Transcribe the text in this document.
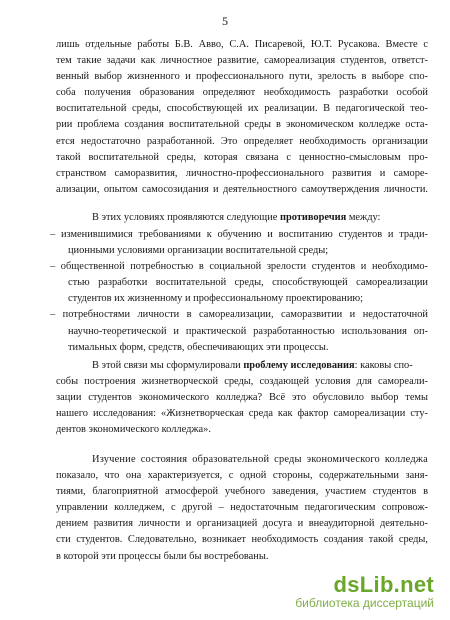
5
лишь отдельные работы Б.В. Авво, С.А. Писаревой, Ю.Т. Русакова. Вместе с
тем такие задачи как личностное развитие, самореализация студентов, ответст-
венный выбор жизненного и профессионального пути, зрелость в выборе спо-
соба получения образования определяют необходимость разработки особой
воспитательной среды, способствующей их реализации. В педагогической тео-
рии проблема создания воспитательной среды в экономическом колледже оста-
ется недостаточно разработанной. Это определяет необходимость организации
такой воспитательной среды, которая связана с ценностно-смысловым про-
странством саморазвития, личностно-профессионального развития и саморе-
ализации, опытом самосозидания и деятельностного самоутверждения личности.
В этих условиях проявляются следующие противоречия между:
– изменившимися требованиями к обучению и воспитанию студентов и тради-
ционными условиями организации воспитательной среды;
– общественной потребностью в социальной зрелости студентов и необходимо-
стью разработки воспитательной среды, способствующей самореализации
студентов их жизненному и профессиональному проектированию;
– потребностями личности в самореализации, саморазвитии и недостаточной
научно-теоретической и практической разработанностью использования оп-
тимальных форм, средств, обеспечивающих эти процессы.
В этой связи мы сформулировали проблему исследования: каковы спо-
собы построения жизнетворческой среды, создающей условия для самореали-
зации студентов экономического колледжа? Всё это обусловило выбор темы
нашего исследования: «Жизнетворческая среда как фактор самореализации сту-
дентов экономического колледжа».
Изучение состояния образовательной среды экономического колледжа
показало, что она характеризуется, с одной стороны, содержательными заня-
тиями, благоприятной атмосферой учебного заведения, участием студентов в
управлении колледжем, с другой – недостаточным педагогическим сопровож-
дением развития личности и организацией досуга и внеаудиторной деятельно-
сти студентов. Следовательно, возникает необходимость создания такой среды,
в которой эти процессы были бы востребованы.
dsLib.net
библиотека диссертаций
